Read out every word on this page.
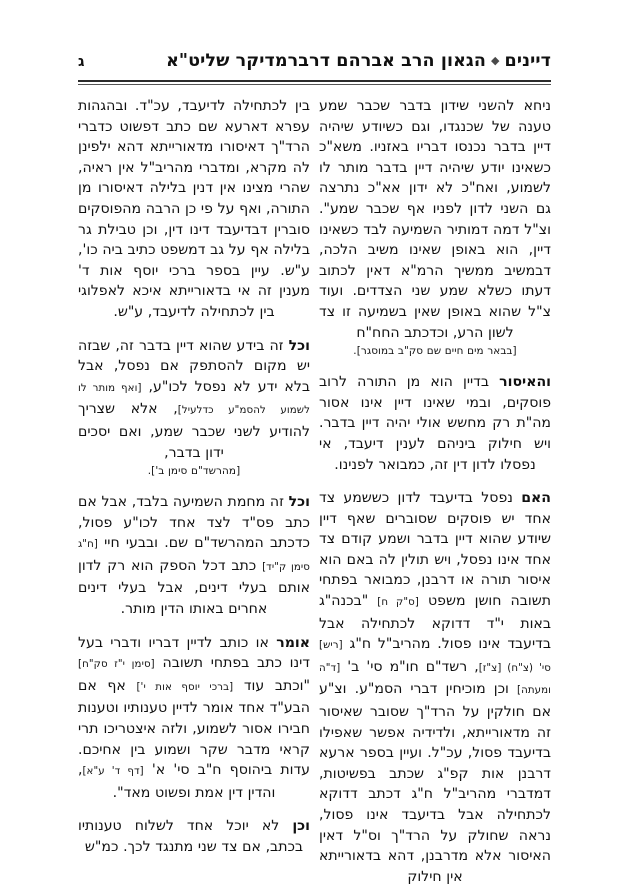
דיינים◆הגאון הרב אברהם דרברמדיקר שליט"א
ג

ניחא להשני שידון בדבר שכבר שמע טענה של שכנגדו, וגם כשיודע שיהיה דיין בדבר נכנסו דבריו באזניו. משא"כ כשאינו יודע שיהיה דיין בדבר מותר לו לשמוע, ואח"כ לא ידון אא"כ נתרצה גם השני לדון לפניו אף שכבר שמע". וצ"ל דמה דמותיר השמיעה לבד כשאינו דיין, הוא באופן שאינו משיב הלכה, דבמשיב ממשיך הרמ"א דאין לכתוב דעתו כשלא שמע שני הצדדים. ועוד צ"ל שהוא באופן שאין בשמיעה זו צד לשון הרע, וכדכתב החח"ח
[בבאר מים חיים שם סק"ב במוסגר].

והאיסור בדיין הוא מן התורה לרוב פוסקים, ובמי שאינו דיין אינו אסור מה"ת רק מחשש אולי יהיה דיין בדבר. ויש חילוק ביניהם לענין דיעבד, אי נפסלו לדון דין זה, כמבואר לפנינו.

האם נפסל בדיעבד לדון כששמע צד אחד יש פוסקים שסוברים שאף דיין שיודע שהוא דיין בדבר ושמע קודם צד אחד אינו נפסל, ויש תולין לה באם הוא איסור תורה או דרבנן, כמבואר בפתחי תשובה חושן משפט [ס"ק ח] "בכנה"ג באות י"ד דדוקא לכתחילה אבל בדיעבד אינו פסול. מהריב"ל ח"ג [ריש] סי' (צ"ח) [צ"ז], רשד"ם חו"מ סי' ב' [ד"ה ומעתה] וכן מוכיחין דברי הסמ"ע. וצ"ע אם חולקין על הרד"ך שסובר שאיסור זה מדאורייתא, ולדידיה אפשר שאפילו בדיעבד פסול, עכ"ל. ועיין בספר ארעא דרבנן אות קפ"ג שכתב בפשיטות, דמדברי מהריב"ל ח"ג דכתב דדוקא לכתחילה אבל בדיעבד אינו פסול, נראה שחולק על הרד"ך וס"ל דאין האיסור אלא מדרבנן, דהא בדאורייתא אין חילוק

בין לכתחילה לדיעבד, עכ"ד. ובהגהות עפרא דארעא שם כתב דפשוט כדברי הרד"ך דאיסורו מדאורייתא דהא ילפינן לה מקרא, ומדברי מהריב"ל אין ראיה, שהרי מצינו אין דנין בלילה דאיסורו מן התורה, ואף על פי כן הרבה מהפוסקים סוברין דבדיעבד דינו דין, וכן טבילת גר בלילה אף על גב דמשפט כתיב ביה כו', ע"ש. עיין בספר ברכי יוסף אות ד' מענין זה אי בדאורייתא איכא לאפלוגי בין לכתחילה לדיעבד, ע"ש.

וכל זה בידע שהוא דיין בדבר זה, שבזה יש מקום להסתפק אם נפסל, אבל בלא ידע לא נפסל לכו"ע, [ואף מותר לו לשמוע להסמ"ע כדלעיל], אלא שצריך להודיע לשני שכבר שמע, ואם יסכים ידון בדבר,
[מהרשד"ם סימן ב'].

וכל זה מחמת השמיעה בלבד, אבל אם כתב פס"ד לצד אחד לכו"ע פסול, כדכתב המהרשד"ם שם. ובבעי חיי [ח"ג סימן ק"יד] כתב דכל הספק הוא רק לדון אותם בעלי דינים, אבל בעלי דינים אחרים באותו הדין מותר.

אומר או כותב לדיין דבריו ודברי בעל דינו כתב בפתחי תשובה [סימן י"ז סק"ח] "וכתב עוד [ברכי יוסף אות י'] אף אם הבע"ד אחד אומר לדיין טענותיו וטענות חבירו אסור לשמוע, ולזה איצטריכו תרי קראי מדבר שקר ושמוע בין אחיכם. עדות ביהוסף ח"ב סי' א' [דף ד' ע"א], והדין דין אמת ופשוט מאד".

וכן לא יוכל אחד לשלוח טענותיו בכתב, אם צד שני מתנגד לכך. כמ"ש
